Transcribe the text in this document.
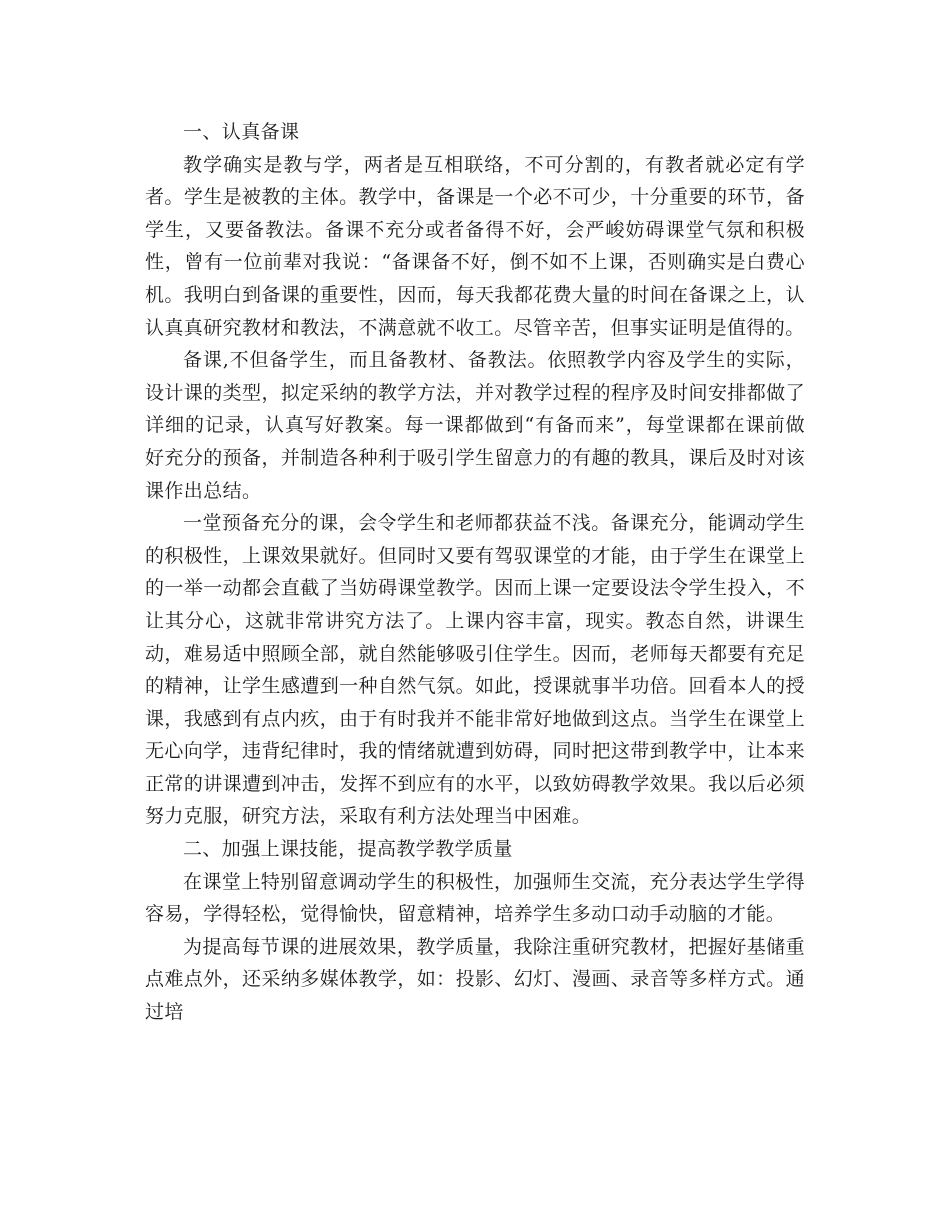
一、认真备课

教学确实是教与学，两者是互相联络，不可分割的，有教者就必定有学者。学生是被教的主体。教学中，备课是一个必不可少，十分重要的环节，备学生，又要备教法。备课不充分或者备得不好，会严峻妨碍课堂气氛和积极性，曾有一位前辈对我说：“备课备不好，倒不如不上课，否则确实是白费心机。我明白到备课的重要性，因而，每天我都花费大量的时间在备课之上，认认真真研究教材和教法，不满意就不收工。尽管辛苦，但事实证明是值得的。

备课,不但备学生，而且备教材、备教法。依照教学内容及学生的实际，设计课的类型，拟定采纳的教学方法，并对教学过程的程序及时间安排都做了详细的记录，认真写好教案。每一课都做到“有备而来”，每堂课都在课前做好充分的预备，并制造各种利于吸引学生留意力的有趣的教具，课后及时对该课作出总结。

一堂预备充分的课，会令学生和老师都获益不浅。备课充分，能调动学生的积极性，上课效果就好。但同时又要有驾驭课堂的才能，由于学生在课堂上的一举一动都会直截了当妨碍课堂教学。因而上课一定要设法令学生投入，不让其分心，这就非常讲究方法了。上课内容丰富，现实。教态自然，讲课生动，难易适中照顾全部，就自然能够吸引住学生。因而，老师每天都要有充足的精神，让学生感遭到一种自然气氛。如此，授课就事半功倍。回看本人的授课，我感到有点内疚，由于有时我并不能非常好地做到这点。当学生在课堂上无心向学，违背纪律时，我的情绪就遭到妨碍，同时把这带到教学中，让本来正常的讲课遭到冲击，发挥不到应有的水平，以致妨碍教学效果。我以后必须努力克服，研究方法，采取有利方法处理当中困难。

二、加强上课技能，提高教学教学质量

在课堂上特别留意调动学生的积极性，加强师生交流，充分表达学生学得容易，学得轻松，觉得愉快，留意精神，培养学生多动口动手动脑的才能。

为提高每节课的进展效果，教学质量，我除注重研究教材，把握好基储重点难点外，还采纳多媒体教学，如：投影、幻灯、漫画、录音等多样方式。通过培
